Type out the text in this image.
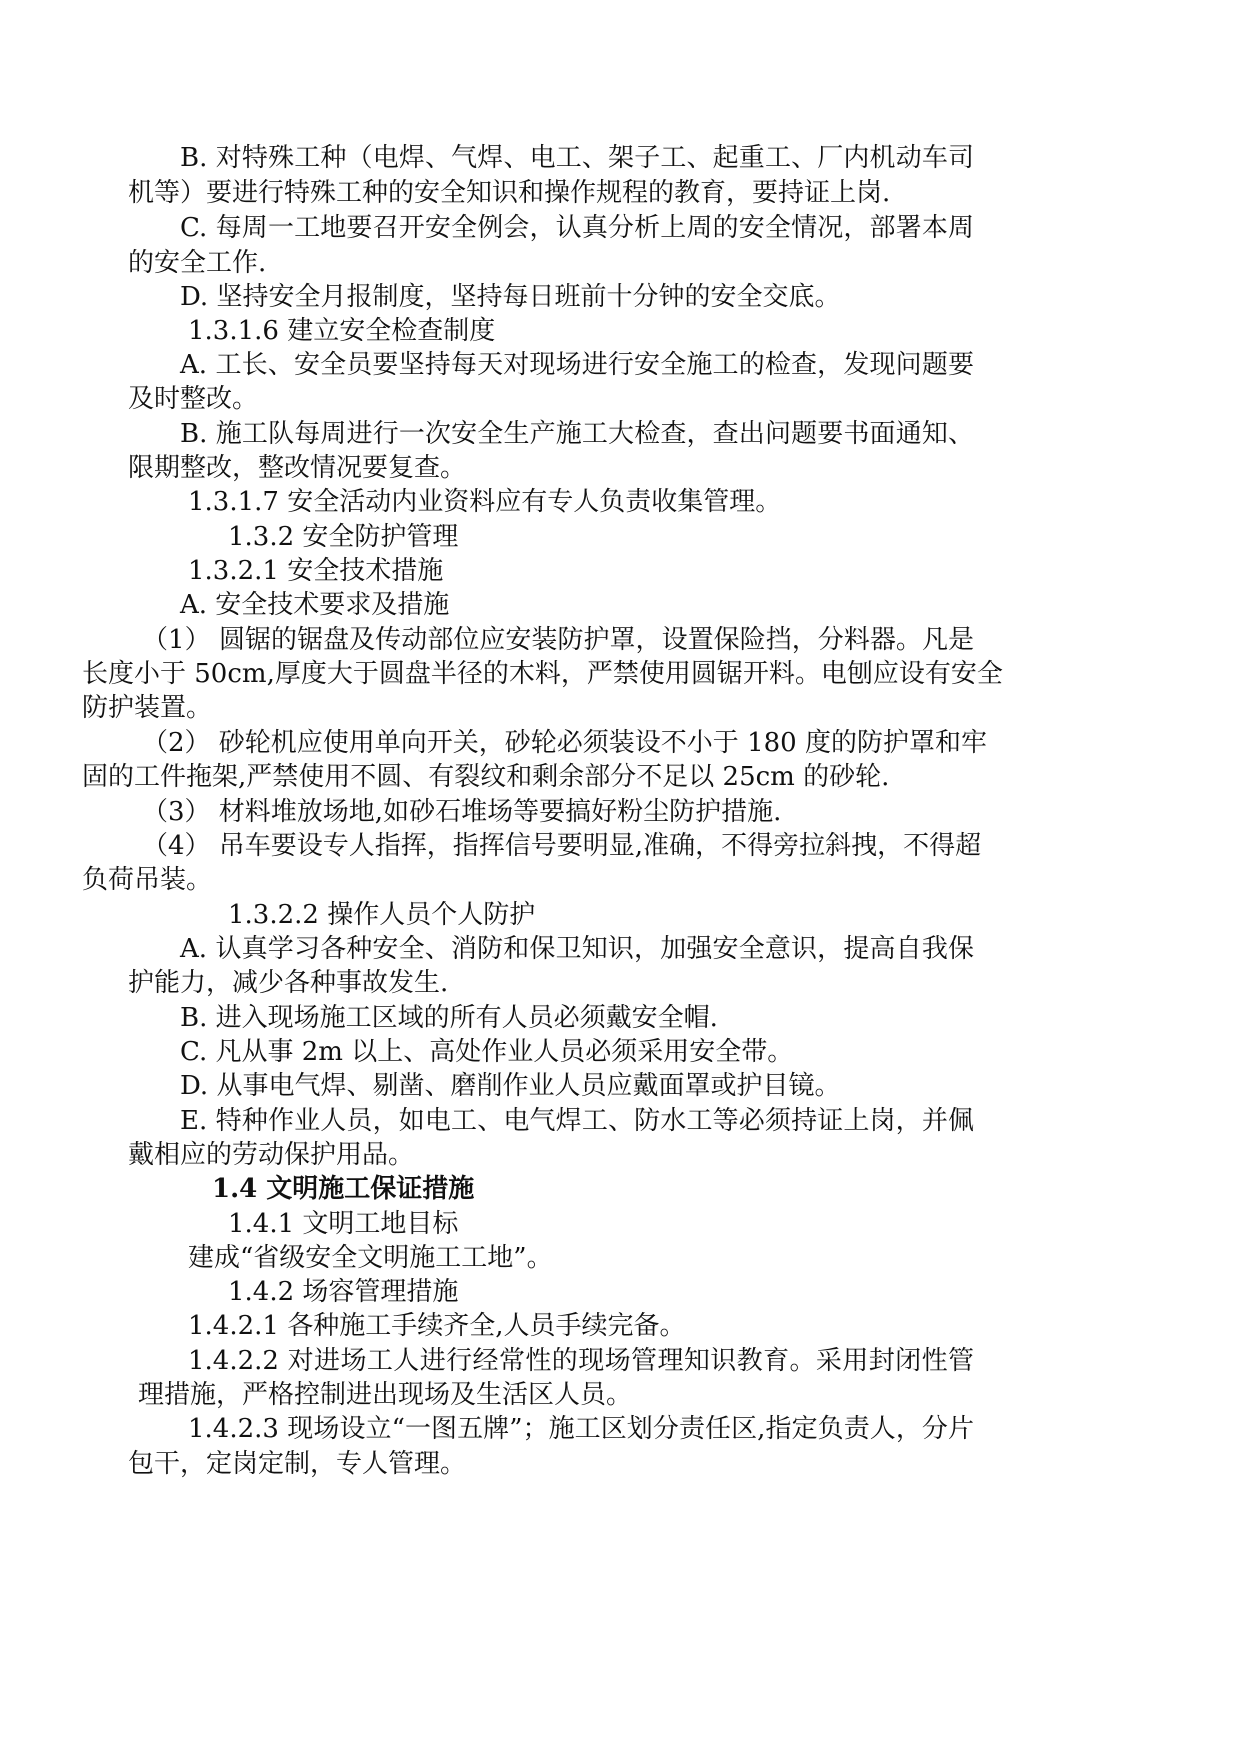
B. 对特殊工种（电焊、气焊、电工、架子工、起重工、厂内机动车司
机等）要进行特殊工种的安全知识和操作规程的教育，要持证上岗.
C. 每周一工地要召开安全例会，认真分析上周的安全情况，部署本周
的安全工作.
D. 坚持安全月报制度，坚持每日班前十分钟的安全交底。
1.3.1.6 建立安全检查制度
A. 工长、安全员要坚持每天对现场进行安全施工的检查，发现问题要
及时整改。
B. 施工队每周进行一次安全生产施工大检查，查出问题要书面通知、
限期整改，整改情况要复查。
1.3.1.7 安全活动内业资料应有专人负责收集管理。
1.3.2 安全防护管理
1.3.2.1 安全技术措施
A. 安全技术要求及措施
（1） 圆锯的锯盘及传动部位应安装防护罩，设置保险挡，分料器。凡是
长度小于 50cm,厚度大于圆盘半径的木料，严禁使用圆锯开料。电刨应设有安全
防护装置。
（2） 砂轮机应使用单向开关，砂轮必须装设不小于 180 度的防护罩和牢
固的工件拖架,严禁使用不圆、有裂纹和剩余部分不足以 25cm 的砂轮.
（3） 材料堆放场地,如砂石堆场等要搞好粉尘防护措施.
（4） 吊车要设专人指挥，指挥信号要明显,准确，不得旁拉斜拽，不得超
负荷吊装。
1.3.2.2 操作人员个人防护
A. 认真学习各种安全、消防和保卫知识，加强安全意识，提高自我保
护能力，减少各种事故发生.
B. 进入现场施工区域的所有人员必须戴安全帽.
C. 凡从事 2m 以上、高处作业人员必须采用安全带。
D. 从事电气焊、剔凿、磨削作业人员应戴面罩或护目镜。
E. 特种作业人员，如电工、电气焊工、防水工等必须持证上岗，并佩
戴相应的劳动保护用品。
1.4 文明施工保证措施
1.4.1 文明工地目标
建成“省级安全文明施工工地”。
1.4.2 场容管理措施
1.4.2.1 各种施工手续齐全,人员手续完备。
1.4.2.2 对进场工人进行经常性的现场管理知识教育。采用封闭性管
理措施，严格控制进出现场及生活区人员。
1.4.2.3 现场设立“一图五牌”；施工区划分责任区,指定负责人，分片
包干，定岗定制，专人管理。
